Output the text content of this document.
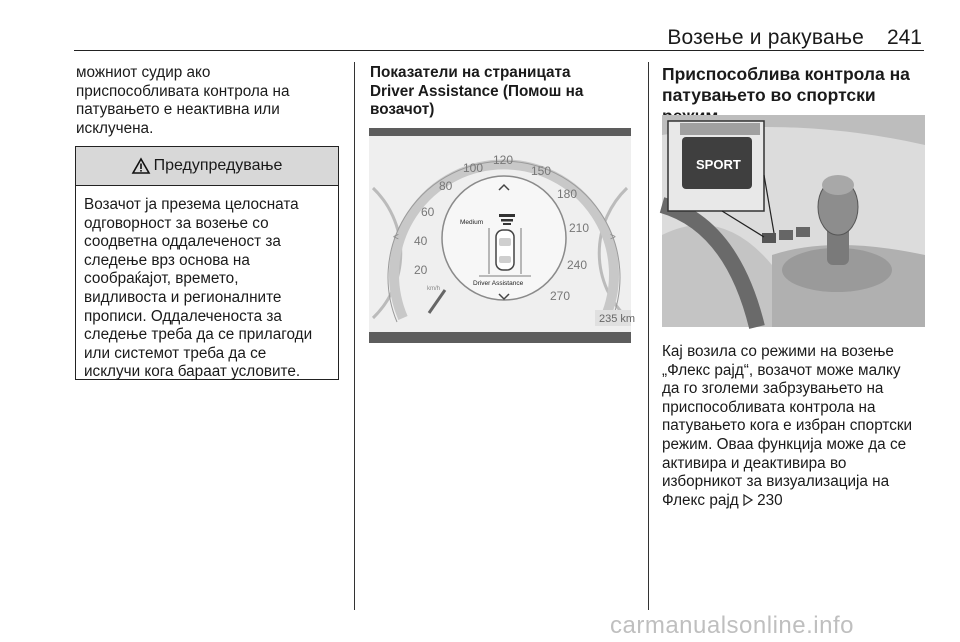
Возење и ракување 241

можниот судир ако
приспособливата контрола на
патувањето е неактивна или
исклучена.

Предупредување
Возачот ја презема целосната
одговорност за возење со
соодветна оддалеченост за
следење врз основа на
сообраќајот, времето,
видливоста и регионалните
прописи. Оддалеченоста за
следење треба да се прилагоди
или системот треба да се
исклучи кога бараат условите.

Показатели на страницата
Driver Assistance (Помош на
возачот)

20
40
60
80
100
120
150
180
210
240
270
km/h
Medium
Driver Assistance
<	>
235 km

Приспособлива контрола на
патувањето во спортски

SPORT
Кај возила со режими на возење
„Флекс рајд“, возачот може малку
да го зголеми забрзувањето на
приспособливата контрола на
патувањето кога е избран спортски
режим. Оваа функција може да се
активира и деактивира во
изборникот за визуализација на
Флекс рајд 230
carmanualsonline.info
